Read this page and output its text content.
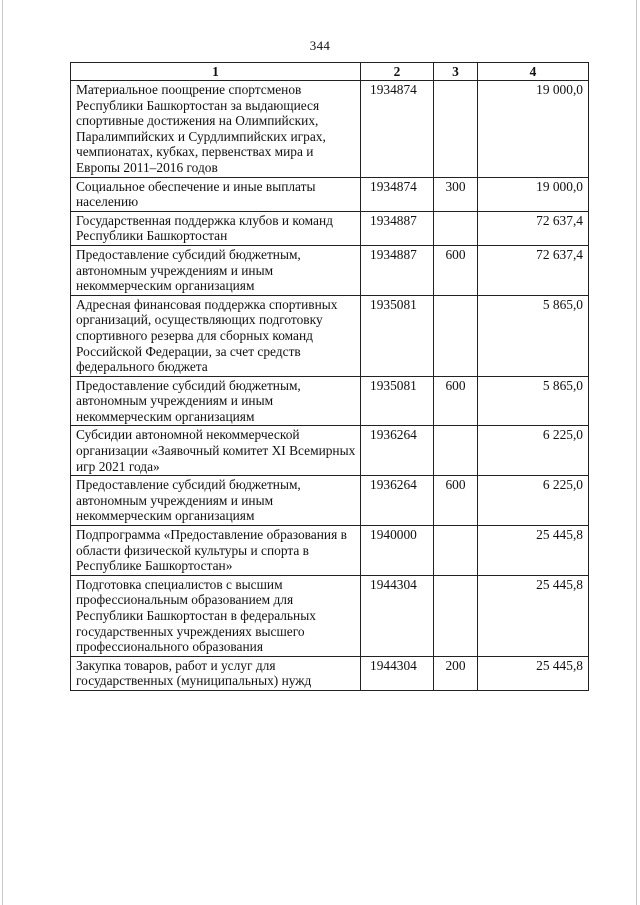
344
1	2	3	4
Материальное поощрение спортсменов Республики Башкортостан за выдающиеся спортивные достижения на Олимпийских, Паралимпийских и Сурдлимпийских играх, чемпионатах, кубках, первенствах мира и Европы 2011–2016 годов	1934874		19 000,0
Социальное обеспечение и иные выплаты населению	1934874	300	19 000,0
Государственная поддержка клубов и команд Республики Башкортостан	1934887		72 637,4
Предоставление субсидий бюджетным, автономным учреждениям и иным некоммерческим организациям	1934887	600	72 637,4
Адресная финансовая поддержка спортивных организаций, осуществляющих подготовку спортивного резерва для сборных команд Российской Федерации, за счет средств федерального бюджета	1935081		5 865,0
Предоставление субсидий бюджетным, автономным учреждениям и иным некоммерческим организациям	1935081	600	5 865,0
Субсидии автономной некоммерческой организации «Заявочный комитет XI Всемирных игр 2021 года»	1936264		6 225,0
Предоставление субсидий бюджетным, автономным учреждениям и иным некоммерческим организациям	1936264	600	6 225,0
Подпрограмма «Предоставление образования в области физической культуры и спорта в Республике Башкортостан»	1940000		25 445,8
Подготовка специалистов с высшим профессиональным образованием для Республики Башкортостан в федеральных государственных учреждениях высшего профессионального образования	1944304		25 445,8
Закупка товаров, работ и услуг для государственных (муниципальных) нужд	1944304	200	25 445,8
